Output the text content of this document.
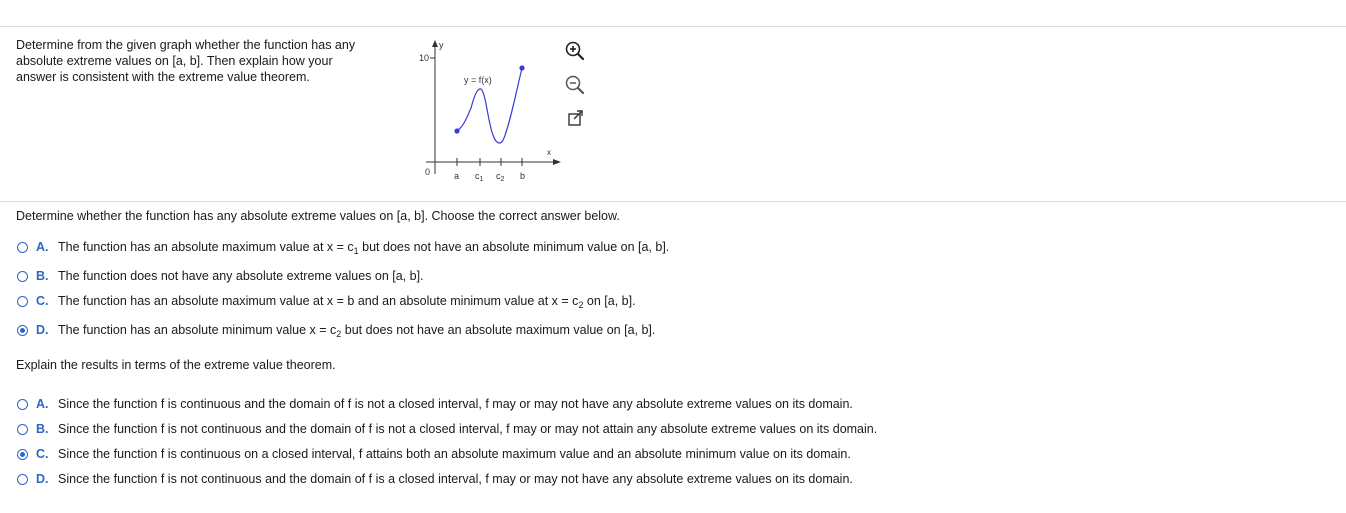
Determine from the given graph whether the function has any
absolute extreme values on [a, b]. Then explain how your
answer is consistent with the extreme value theorem.
10
y
x
0	a $c_1$ $c_2$ b
y = f(x)
Determine whether the function has any absolute extreme values on [a, b]. Choose the correct answer below.
A. The function has an absolute maximum value at $x = c_1$ but does not have an absolute minimum value on [a, b].
B. The function does not have any absolute extreme values on [a, b].
C. The function has an absolute maximum value at x = b and an absolute minimum value at $x = c_2$ on [a, b].
D. The function has an absolute minimum value $x = c_2$ but does not have an absolute maximum value on [a, b].
Explain the results in terms of the extreme value theorem.
A. Since the function f is continuous and the domain of f is not a closed interval, f may or may not have any absolute extreme values on its domain.
B. Since the function f is not continuous and the domain of f is not a closed interval, f may or may not attain any absolute extreme values on its domain.
C. Since the function f is continuous on a closed interval, f attains both an absolute maximum value and an absolute minimum value on its domain.
D. Since the function f is not continuous and the domain of f is a closed interval, f may or may not have any absolute extreme values on its domain.
